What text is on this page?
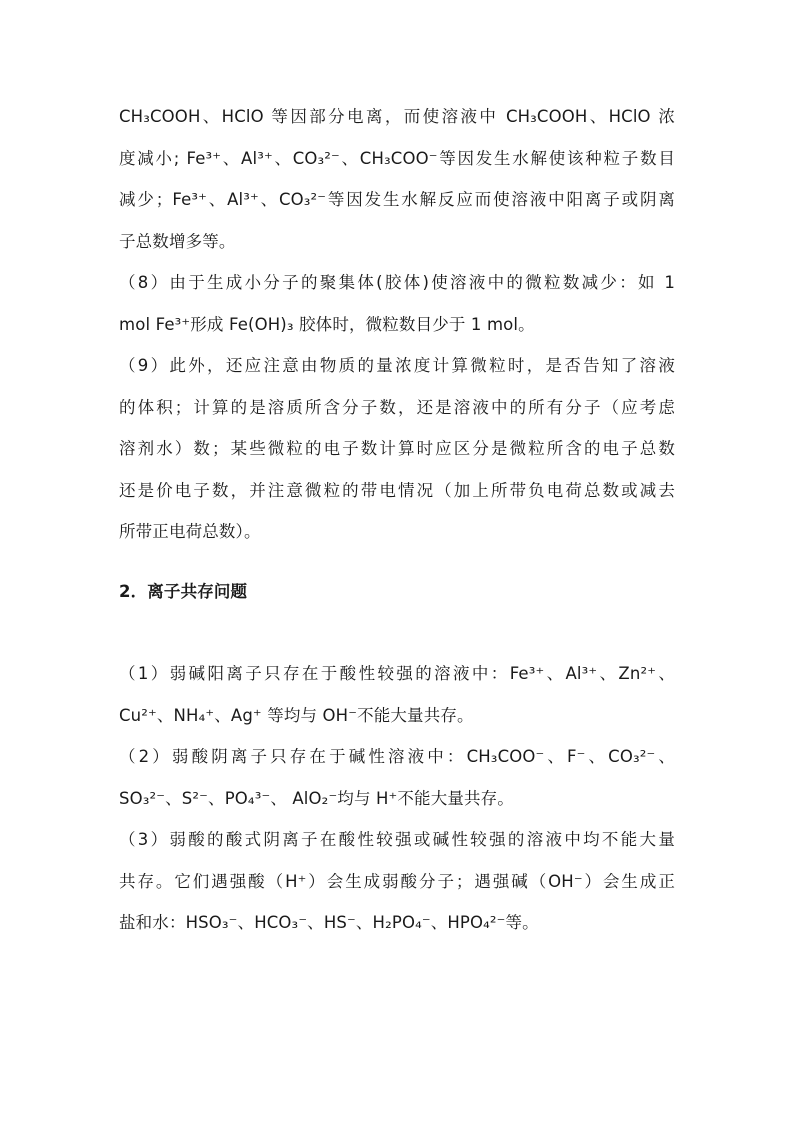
CH₃COOH、HClO 等因部分电离，而使溶液中 CH₃COOH、HClO 浓
度减小; Fe³⁺、Al³⁺、CO₃²⁻、CH₃COO⁻等因发生水解使该种粒子数目
减少；Fe³⁺、Al³⁺、CO₃²⁻等因发生水解反应而使溶液中阳离子或阴离
子总数增多等。
（8）由于生成小分子的聚集体(胶体)使溶液中的微粒数减少：如 1
mol Fe³⁺形成 Fe(OH)₃ 胶体时，微粒数目少于 1 mol。
（9）此外，还应注意由物质的量浓度计算微粒时，是否告知了溶液
的体积；计算的是溶质所含分子数，还是溶液中的所有分子（应考虑
溶剂水）数；某些微粒的电子数计算时应区分是微粒所含的电子总数
还是价电子数，并注意微粒的带电情况（加上所带负电荷总数或减去
所带正电荷总数）。
2．离子共存问题
（1）弱碱阳离子只存在于酸性较强的溶液中：Fe³⁺、Al³⁺、Zn²⁺、
Cu²⁺、NH₄⁺、Ag⁺ 等均与 OH⁻不能大量共存。
（2）弱酸阴离子只存在于碱性溶液中：CH₃COO⁻、F⁻、CO₃²⁻、
SO₃²⁻、S²⁻、PO₄³⁻、 AlO₂⁻均与 H⁺不能大量共存。
（3）弱酸的酸式阴离子在酸性较强或碱性较强的溶液中均不能大量
共存。它们遇强酸（H⁺）会生成弱酸分子；遇强碱（OH⁻）会生成正
盐和水：HSO₃⁻、HCO₃⁻、HS⁻、H₂PO₄⁻、HPO₄²⁻等。
